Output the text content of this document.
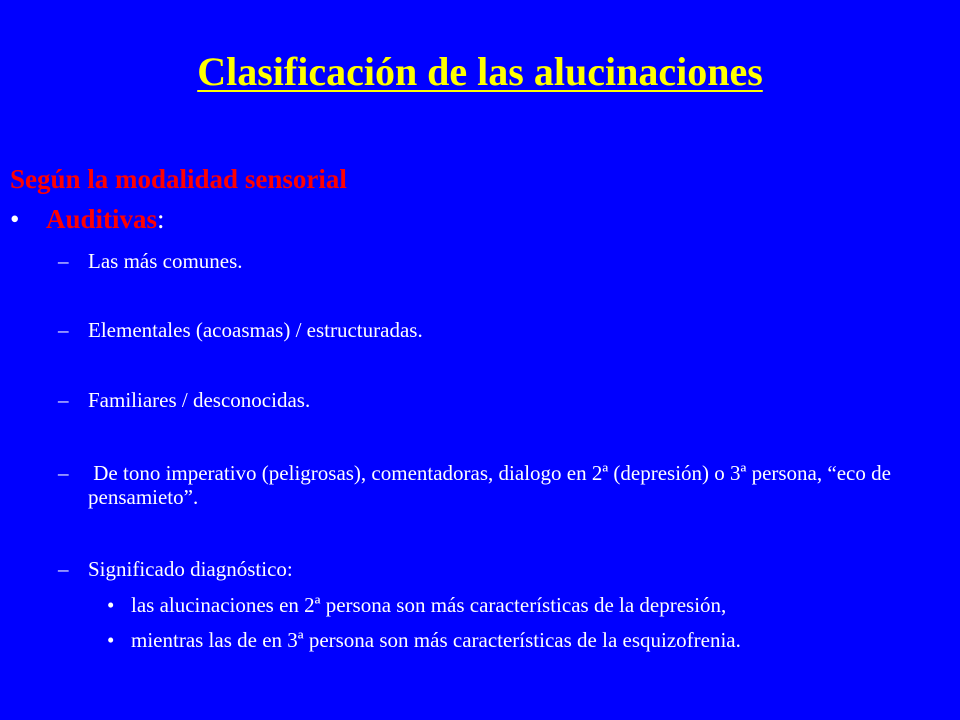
Clasificación de las alucinaciones
Según la modalidad sensorial
• Auditivas:
– Las más comunes.
– Elementales (acoasmas) / estructuradas.
– Familiares / desconocidas.
– De tono imperativo (peligrosas), comentadoras, dialogo en 2ª (depresión) o 3ª persona, “eco de pensamieto”.
– Significado diagnóstico:
• las alucinaciones en 2ª persona son más características de la depresión,
• mientras las de en 3ª persona son más características de la esquizofrenia.
